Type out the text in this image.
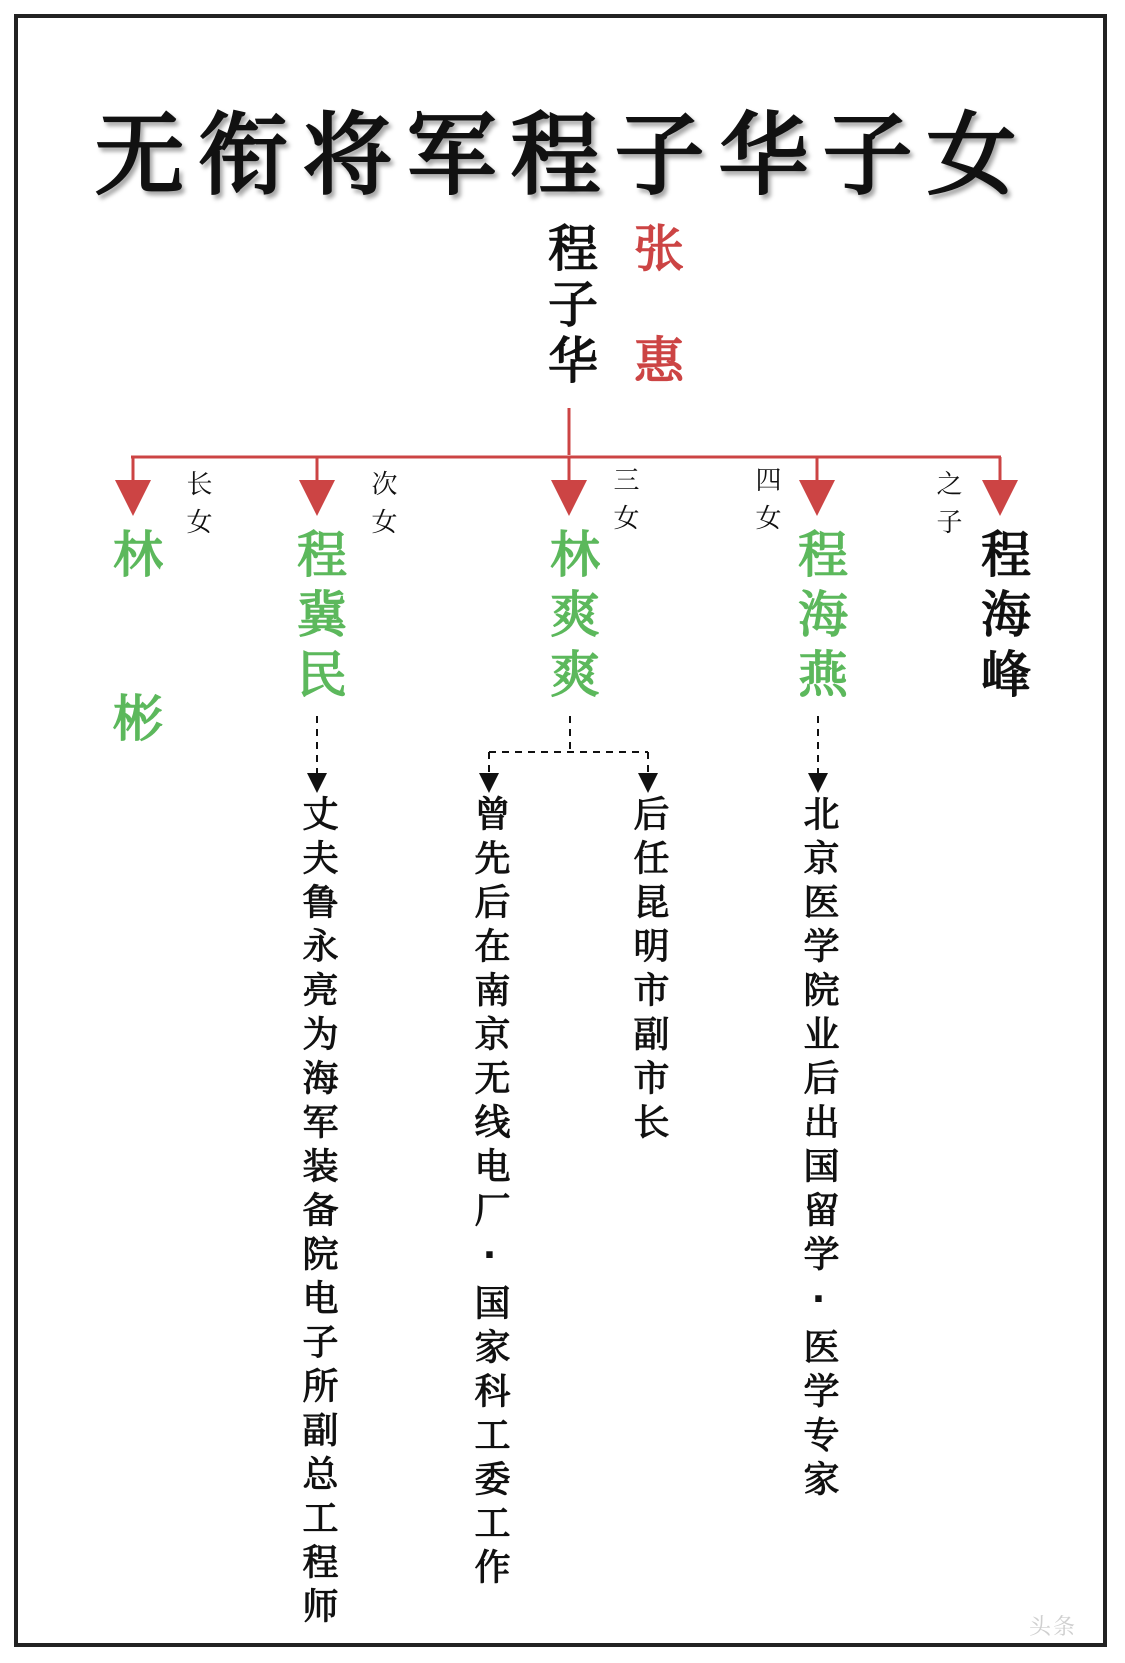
无衔将军程子华子女
程子华 张惠
长女	次女	三女	四女	之子
林 彬	程冀民	林爽爽	程海燕	程海峰
丈夫鲁永亮为海军装备院电子所副总工程师	曾先后在南京无线电厂·国家科工委工作	后任昆明市副市长	北京医学院业后出国留学·医学专家
头条
